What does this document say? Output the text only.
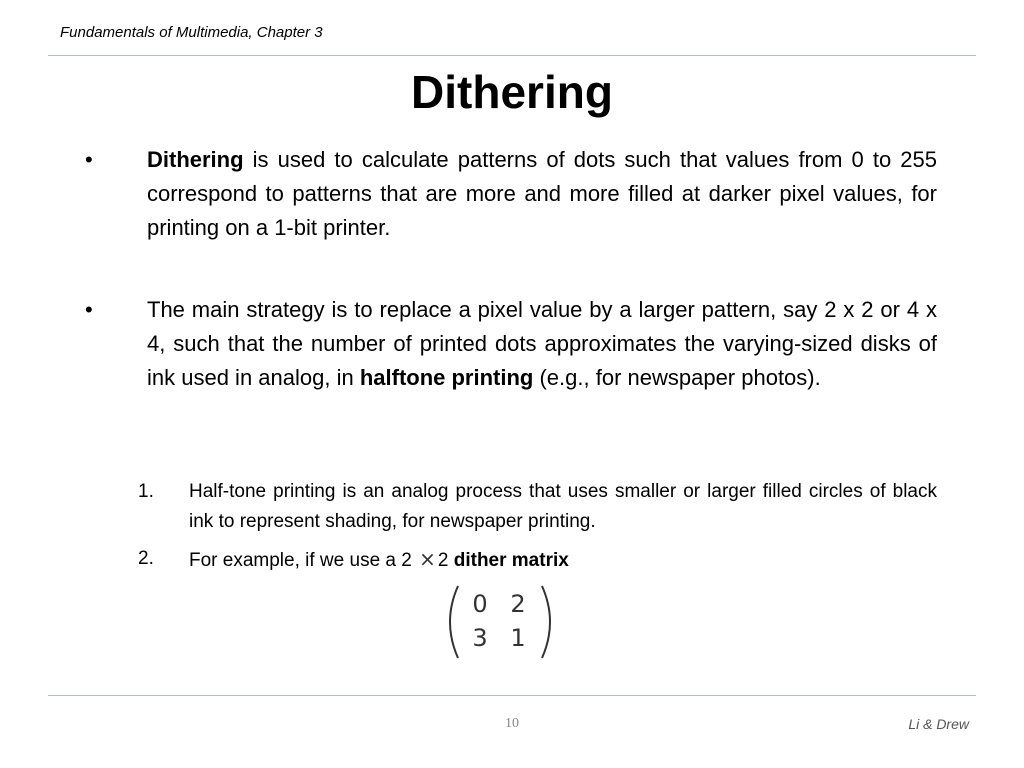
Fundamentals of Multimedia, Chapter 3
Dithering
• Dithering is used to calculate patterns of dots such that values from 0 to 255 correspond to patterns that are more and more filled at darker pixel values, for printing on a 1-bit printer.
• The main strategy is to replace a pixel value by a larger pattern, say 2 x 2 or 4 x 4, such that the number of printed dots approximates the varying-sized disks of ink used in analog, in halftone printing (e.g., for newspaper photos).
1. Half-tone printing is an analog process that uses smaller or larger filled circles of black ink to represent shading, for newspaper printing.
2. For example, if we use a 2 × 2 dither matrix
0 2
3 1
10	Li & Drew
